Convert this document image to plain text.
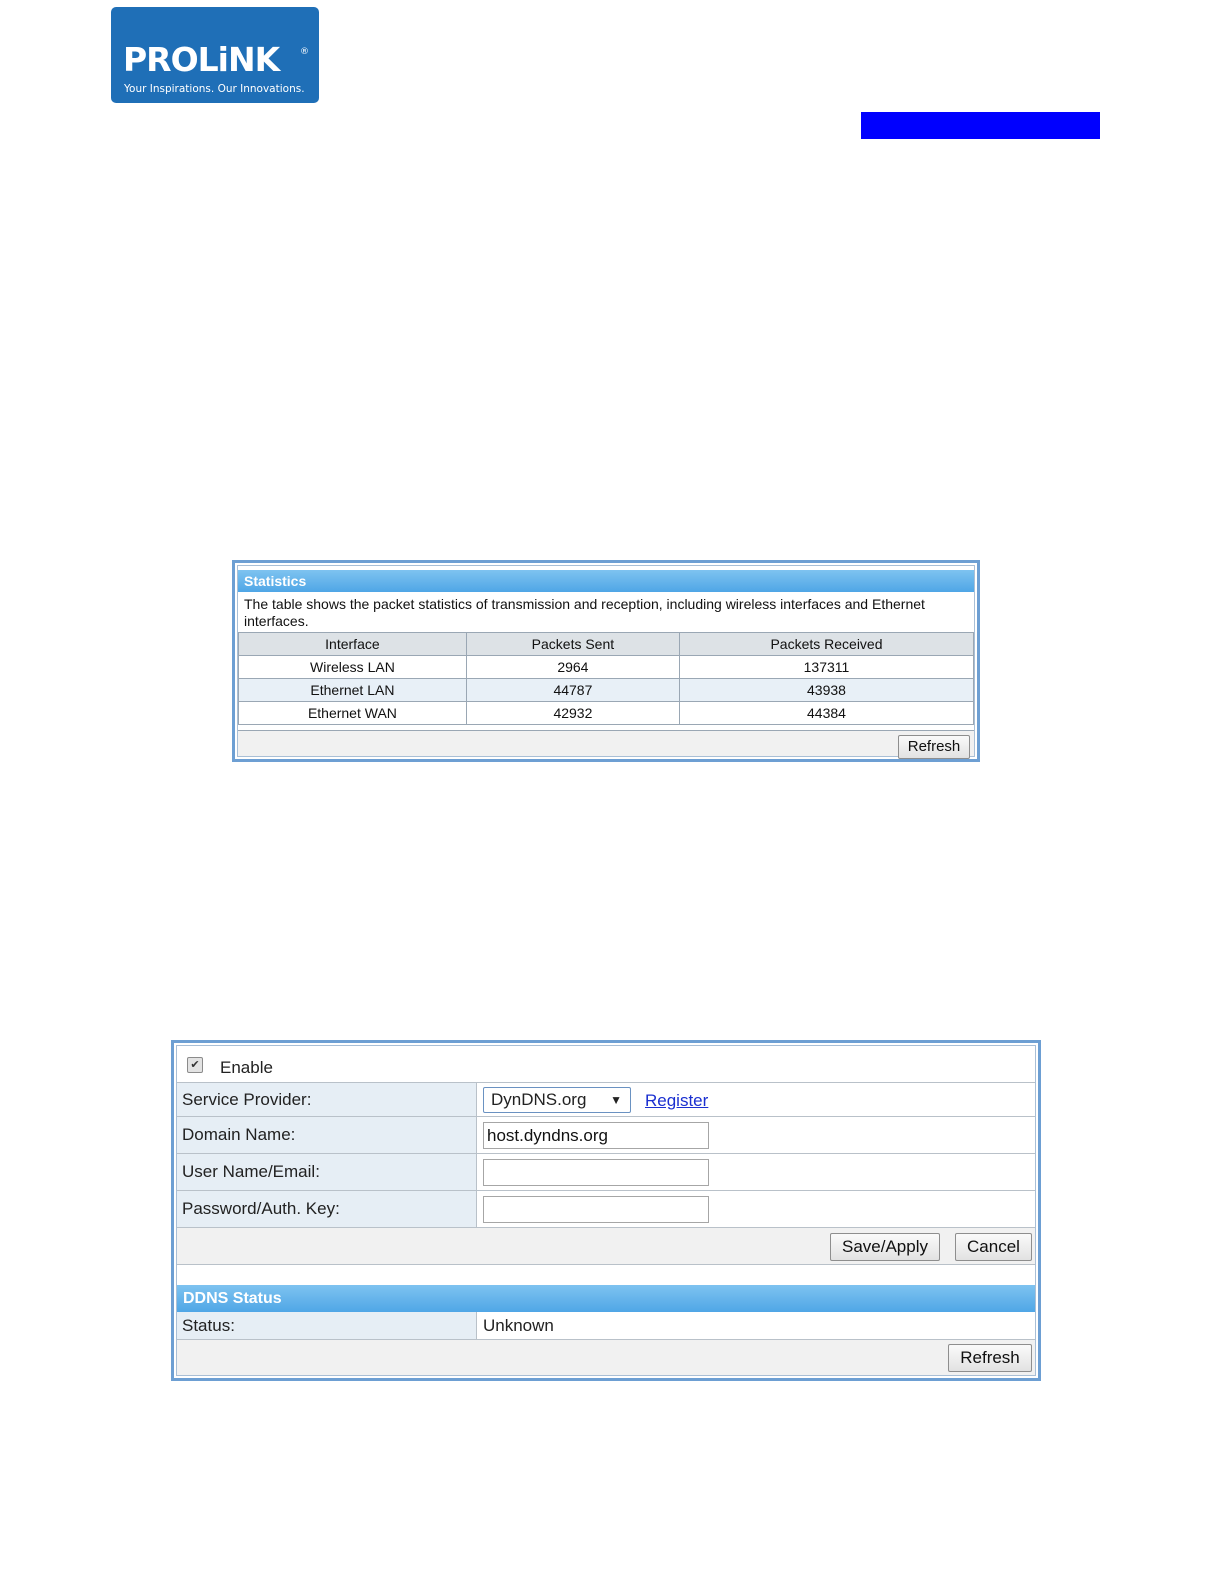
PROLiNK ®
Your Inspirations. Our Innovations.
Statistics
The table shows the packet statistics of transmission and reception, including wireless interfaces and Ethernet interfaces.
Interface	Packets Sent	Packets Received
Wireless LAN	2964	137311
Ethernet LAN	44787	43938
Ethernet WAN	42932	44384
Refresh
✔ Enable
Service Provider:	DynDNS.org ▼ Register
Domain Name:	host.dyndns.org
User Name/Email:
Password/Auth. Key:
Save/Apply	Cancel
DDNS Status
Status:	Unknown
Refresh
